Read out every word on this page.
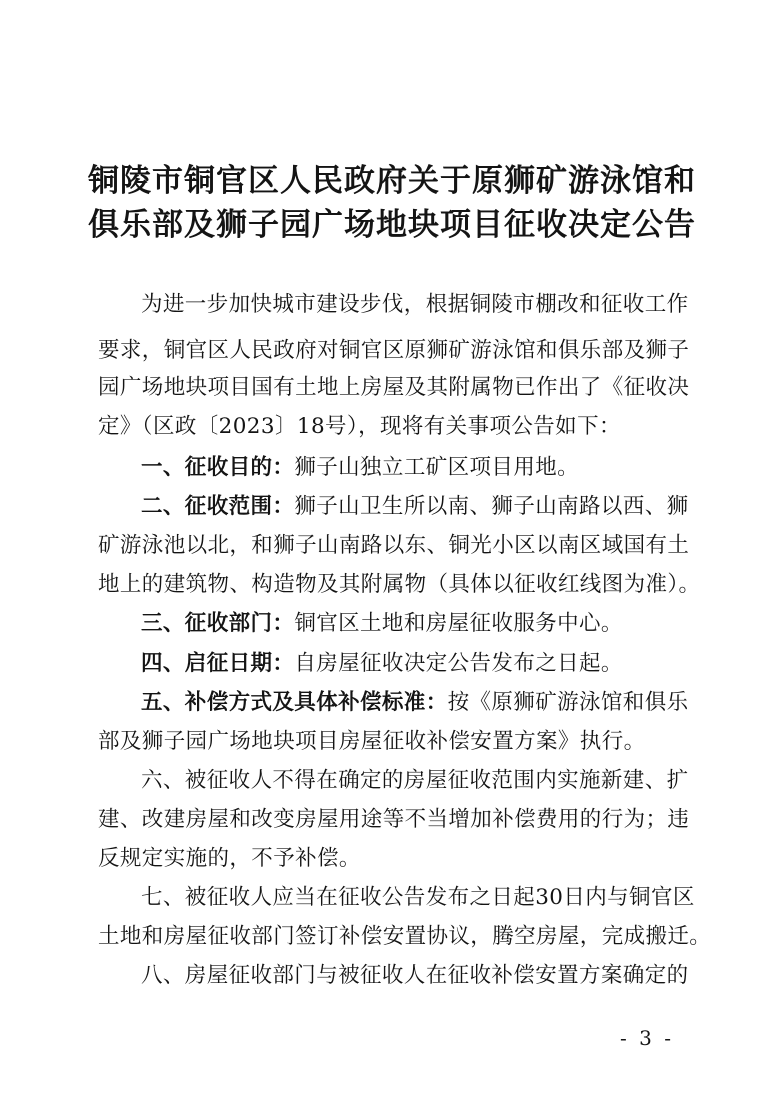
铜陵市铜官区人民政府关于原狮矿游泳馆和
俱乐部及狮子园广场地块项目征收决定公告
为进一步加快城市建设步伐，根据铜陵市棚改和征收工作
要求，铜官区人民政府对铜官区原狮矿游泳馆和俱乐部及狮子
园广场地块项目国有土地上房屋及其附属物已作出了《征收决
定》（区政〔2023〕18号），现将有关事项公告如下：
一、征收目的：狮子山独立工矿区项目用地。
二、征收范围：狮子山卫生所以南、狮子山南路以西、狮
矿游泳池以北，和狮子山南路以东、铜光小区以南区域国有土
地上的建筑物、构造物及其附属物（具体以征收红线图为准）。
三、征收部门：铜官区土地和房屋征收服务中心。
四、启征日期：自房屋征收决定公告发布之日起。
五、补偿方式及具体补偿标准：按《原狮矿游泳馆和俱乐
部及狮子园广场地块项目房屋征收补偿安置方案》执行。
六、被征收人不得在确定的房屋征收范围内实施新建、扩
建、改建房屋和改变房屋用途等不当增加补偿费用的行为；违
反规定实施的，不予补偿。
七、被征收人应当在征收公告发布之日起30日内与铜官区
土地和房屋征收部门签订补偿安置协议，腾空房屋，完成搬迁。
八、房屋征收部门与被征收人在征收补偿安置方案确定的
- 3 -
